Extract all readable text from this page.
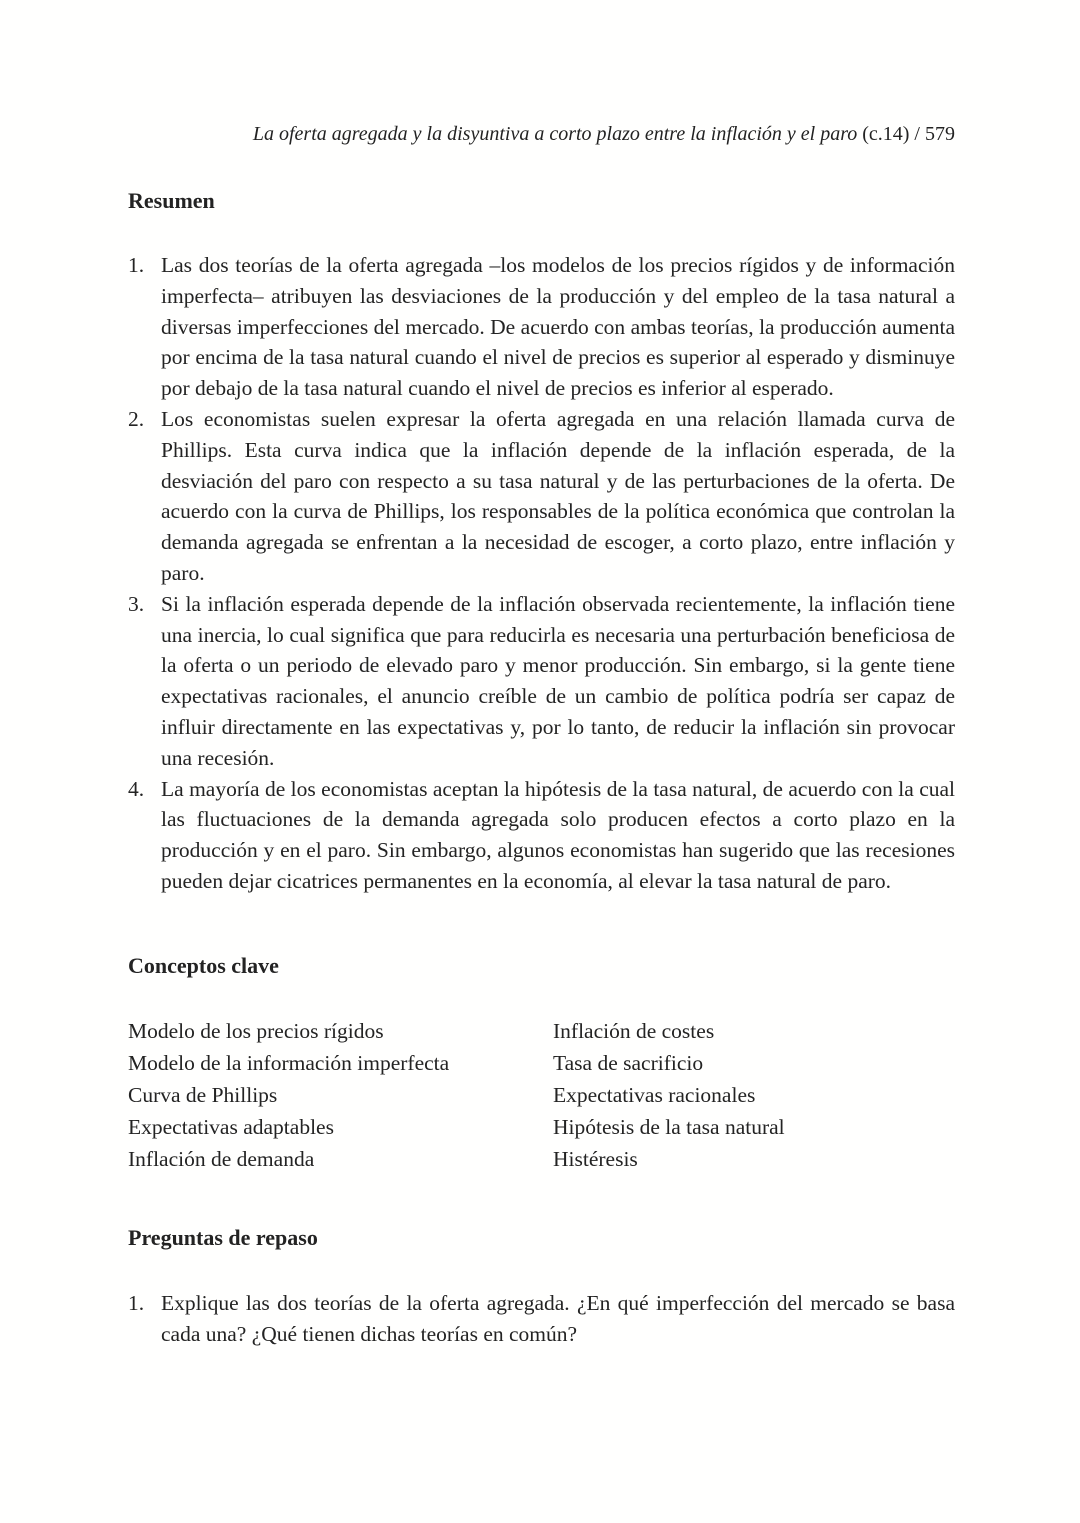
La oferta agregada y la disyuntiva a corto plazo entre la inflación y el paro (c.14) / 579
Resumen
1. Las dos teorías de la oferta agregada –los modelos de los precios rígidos y de información imperfecta– atribuyen las desviaciones de la producción y del empleo de la tasa natural a diversas imperfecciones del mercado. De acuerdo con ambas teorías, la producción aumenta por encima de la tasa natural cuando el nivel de precios es superior al esperado y disminuye por debajo de la tasa natural cuando el nivel de precios es inferior al esperado.
2. Los economistas suelen expresar la oferta agregada en una relación llamada curva de Phillips. Esta curva indica que la inflación depende de la inflación esperada, de la desviación del paro con respecto a su tasa natural y de las perturbaciones de la oferta. De acuerdo con la curva de Phillips, los responsables de la política económica que controlan la demanda agregada se enfrentan a la necesidad de escoger, a corto plazo, entre inflación y paro.
3. Si la inflación esperada depende de la inflación observada recientemente, la inflación tiene una inercia, lo cual significa que para reducirla es necesaria una perturbación beneficiosa de la oferta o un periodo de elevado paro y menor producción. Sin embargo, si la gente tiene expectativas racionales, el anuncio creíble de un cambio de política podría ser capaz de influir directamente en las expectativas y, por lo tanto, de reducir la inflación sin provocar una recesión.
4. La mayoría de los economistas aceptan la hipótesis de la tasa natural, de acuerdo con la cual las fluctuaciones de la demanda agregada solo producen efectos a corto plazo en la producción y en el paro. Sin embargo, algunos economistas han sugerido que las recesiones pueden dejar cicatrices permanentes en la economía, al elevar la tasa natural de paro.
Conceptos clave
Modelo de los precios rígidos
Modelo de la información imperfecta
Curva de Phillips
Expectativas adaptables
Inflación de demanda
Inflación de costes
Tasa de sacrificio
Expectativas racionales
Hipótesis de la tasa natural
Histéresis
Preguntas de repaso
1. Explique las dos teorías de la oferta agregada. ¿En qué imperfección del mercado se basa cada una? ¿Qué tienen dichas teorías en común?
